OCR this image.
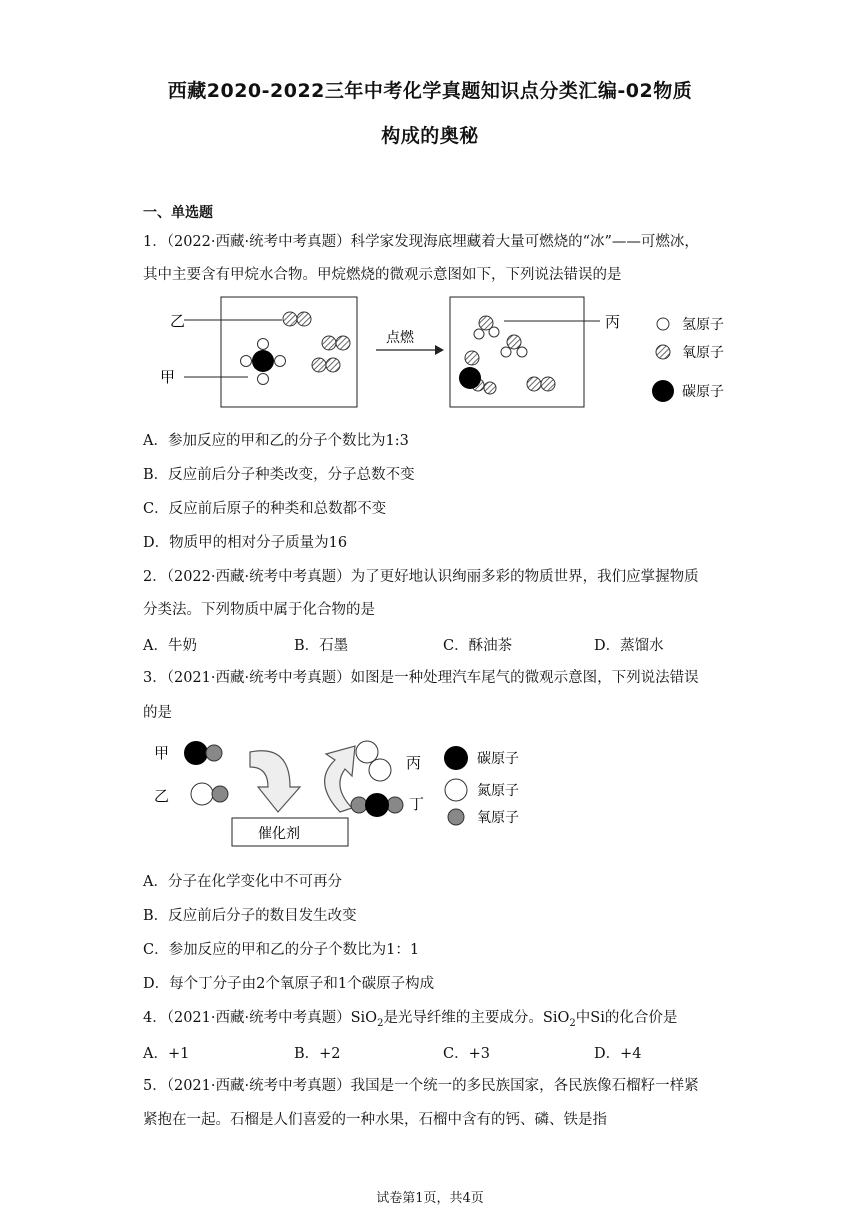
西藏2020-2022三年中考化学真题知识点分类汇编-02物质
构成的奥秘
一、单选题
1．（2022·西藏·统考中考真题）科学家发现海底埋藏着大量可燃烧的“冰”——可燃冰，
其中主要含有甲烷水合物。甲烷燃烧的微观示意图如下，下列说法错误的是
乙
甲
丙
点燃
氢原子
氧原子
碳原子
A．参加反应的甲和乙的分子个数比为1:3
B．反应前后分子种类改变，分子总数不变
C．反应前后原子的种类和总数都不变
D．物质甲的相对分子质量为16
2．（2022·西藏·统考中考真题）为了更好地认识绚丽多彩的物质世界，我们应掌握物质
分类法。下列物质中属于化合物的是
A．牛奶	B．石墨	C．酥油茶	D．蒸馏水
3．（2021·西藏·统考中考真题）如图是一种处理汽车尾气的微观示意图，下列说法错误
的是
甲
乙
催化剂
丙
丁
碳原子
氮原子
氧原子
A．分子在化学变化中不可再分
B．反应前后分子的数目发生改变
C．参加反应的甲和乙的分子个数比为1：1
D．每个丁分子由2个氧原子和1个碳原子构成
4．（2021·西藏·统考中考真题）SiO$_2$是光导纤维的主要成分。SiO$_2$中Si的化合价是
A．+1	B．+2	C．+3	D．+4
5．（2021·西藏·统考中考真题）我国是一个统一的多民族国家，各民族像石榴籽一样紧
紧抱在一起。石榴是人们喜爱的一种水果，石榴中含有的钙、磷、铁是指
试卷第1页，共4页
